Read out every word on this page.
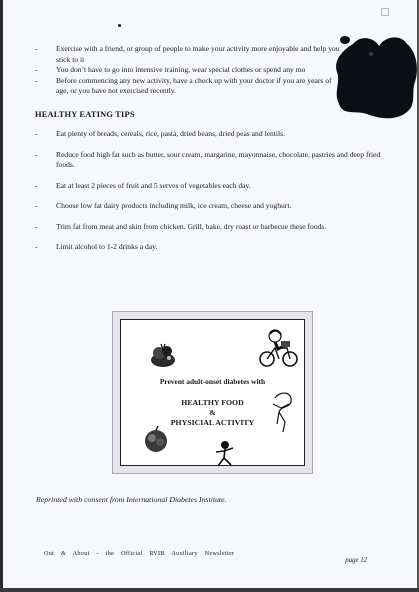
-	Exercise with a friend, or group of people to make your activity more enjoyable and help you stick to it
-	You don’t have to go into intensive training, wear special clothes or spend any mo
-	Before commencing any new activity, have a check up with your doctor if you are years of age, or you have not exercised recently.
HEALTHY EATING TIPS
-	Eat plenty of breads, cereals, rice, pasta, dried beans, dried peas and lentils.
-	Reduce food high fat such as butter, sour cream, margarine, mayonnaise, chocolate, pastries and deep fried foods.
-	Eat at least 2 pieces of fruit and 5 serves of vegetables each day.
-	Choose low fat dairy products including milk, ice cream, cheese and yoghurt.
-	Trim fat from meat and skin from chicken. Grill, bake, dry roast or barbecue these foods.
-	Limit alcohol to 1-2 drinks a day.
Prevent adult-onset diabetes with
HEALTHY FOOD
&
PHYSICIAL ACTIVITY
Reprinted with consent from International Diabetes Institute.
Out & About - the Official RVIB Auxiliary Newsletter
page 12
